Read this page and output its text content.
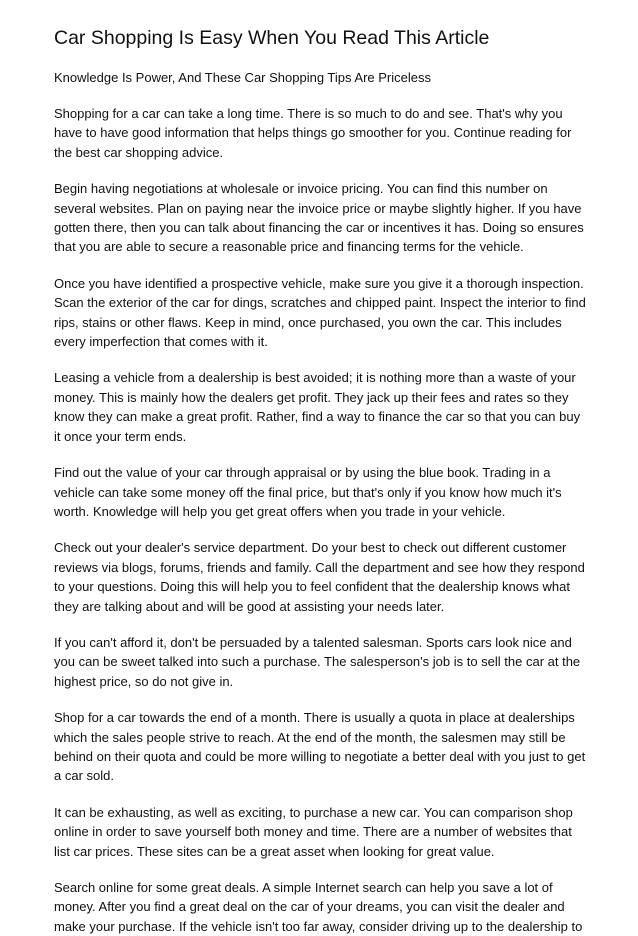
Car Shopping Is Easy When You Read This Article
Knowledge Is Power, And These Car Shopping Tips Are Priceless

Shopping for a car can take a long time. There is so much to do and see. That's why you
have to have good information that helps things go smoother for you. Continue reading for
the best car shopping advice.

Begin having negotiations at wholesale or invoice pricing. You can find this number on
several websites. Plan on paying near the invoice price or maybe slightly higher. If you have
gotten there, then you can talk about financing the car or incentives it has. Doing so ensures
that you are able to secure a reasonable price and financing terms for the vehicle.

Once you have identified a prospective vehicle, make sure you give it a thorough inspection.
Scan the exterior of the car for dings, scratches and chipped paint. Inspect the interior to find
rips, stains or other flaws. Keep in mind, once purchased, you own the car. This includes
every imperfection that comes with it.

Leasing a vehicle from a dealership is best avoided; it is nothing more than a waste of your
money. This is mainly how the dealers get profit. They jack up their fees and rates so they
know they can make a great profit. Rather, find a way to finance the car so that you can buy
it once your term ends.

Find out the value of your car through appraisal or by using the blue book. Trading in a
vehicle can take some money off the final price, but that's only if you know how much it's
worth. Knowledge will help you get great offers when you trade in your vehicle.

Check out your dealer's service department. Do your best to check out different customer
reviews via blogs, forums, friends and family. Call the department and see how they respond
to your questions. Doing this will help you to feel confident that the dealership knows what
they are talking about and will be good at assisting your needs later.

If you can't afford it, don't be persuaded by a talented salesman. Sports cars look nice and
you can be sweet talked into such a purchase. The salesperson's job is to sell the car at the
highest price, so do not give in.

Shop for a car towards the end of a month. There is usually a quota in place at dealerships
which the sales people strive to reach. At the end of the month, the salesmen may still be
behind on their quota and could be more willing to negotiate a better deal with you just to get
a car sold.

It can be exhausting, as well as exciting, to purchase a new car. You can comparison shop
online in order to save yourself both money and time. There are a number of websites that
list car prices. These sites can be a great asset when looking for great value.

Search online for some great deals. A simple Internet search can help you save a lot of
money. After you find a great deal on the car of your dreams, you can visit the dealer and
make your purchase. If the vehicle isn't too far away, consider driving up to the dealership to
